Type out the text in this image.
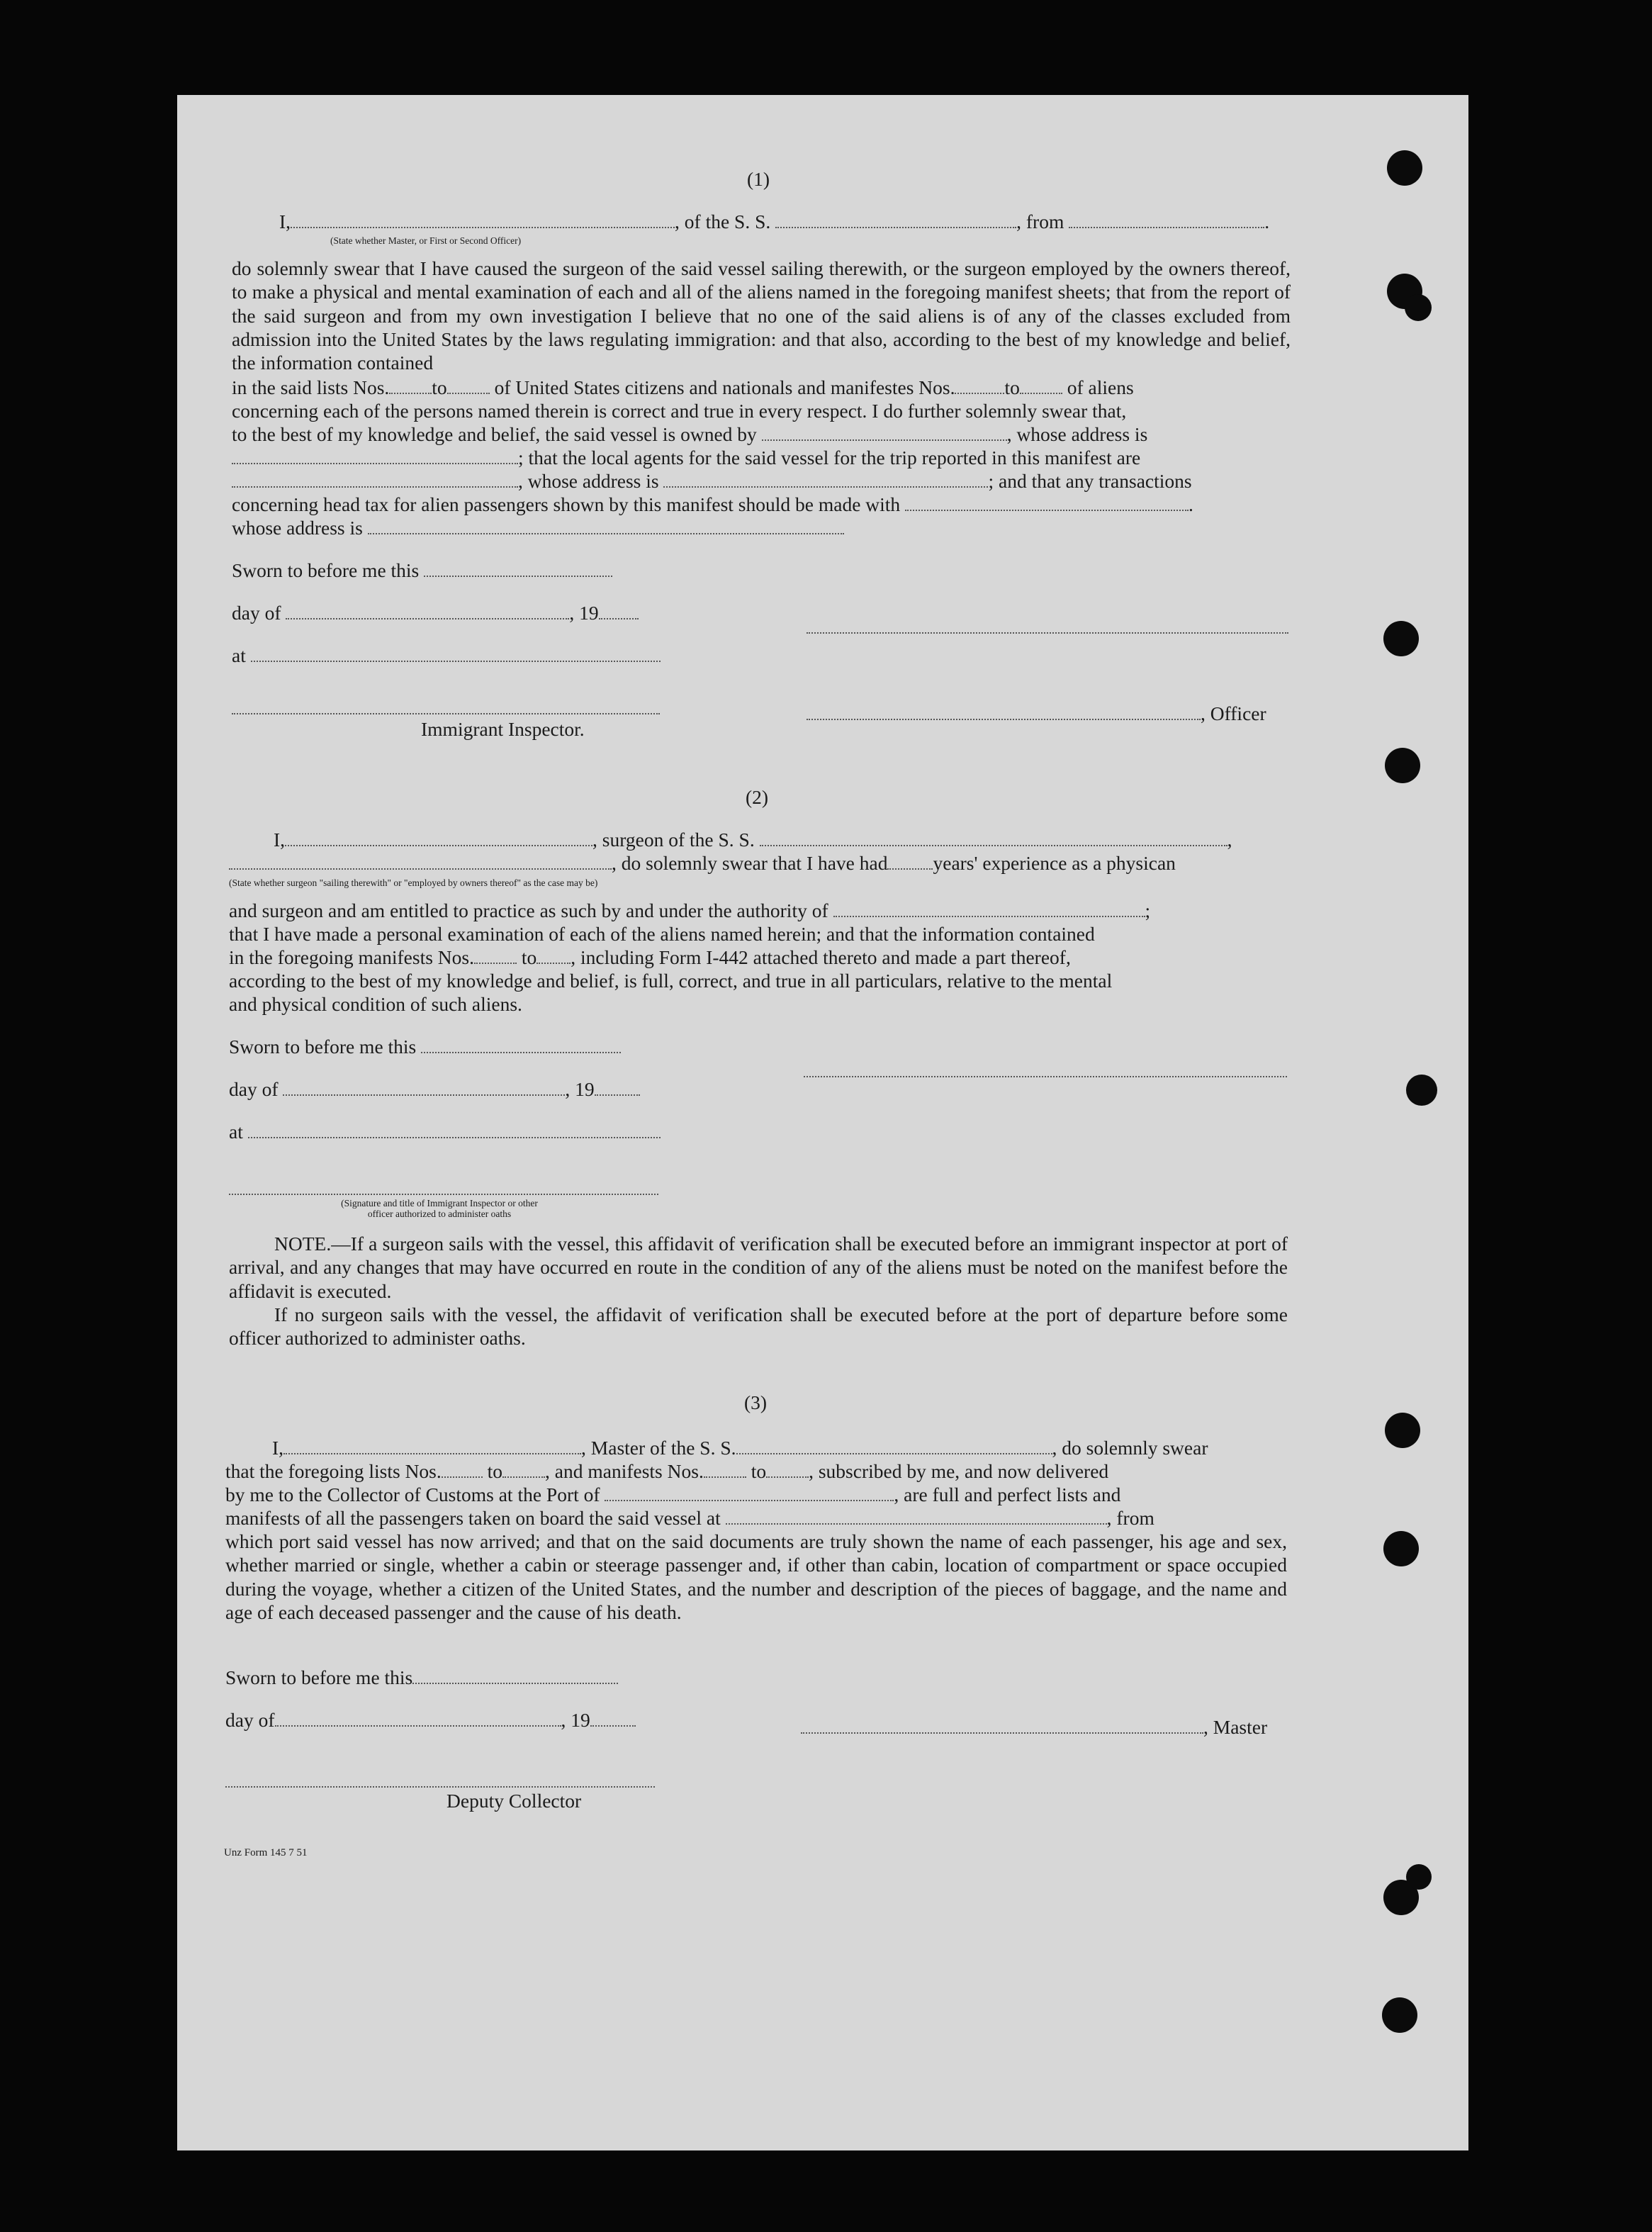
(1)
I,	, of the S. S.	, from	.
(State whether Master, or First or Second Officer)
do solemnly swear that I have caused the surgeon of the said vessel sailing therewith, or the surgeon employed by the owners thereof, to make a physical and mental examination of each and all of the aliens named in the foregoing manifest sheets; that from the report of the said surgeon and from my own investigation I believe that no one of the said aliens is of any of the classes excluded from admission into the United States by the laws regulating immigration: and that also, according to the best of my knowledge and belief, the information contained
in the said lists Nos. to of United States citizens and nationals and manifestes Nos.	to of aliens
concerning each of the persons named therein is correct and true in every respect. I do further solemnly swear that,
to the best of my knowledge and belief, the said vessel is owned by	, whose address is
; that the local agents for the said vessel for the trip reported in this manifest are
, whose address is	; and that any transactions
concerning head tax for alien passengers shown by this manifest should be made with	.
whose address is
Sworn to before me this
day of	, 19
at
, Officer
Immigrant Inspector.
(2)
I,	, surgeon of the S. S.	,
, do solemnly swear that I have had years' experience as a physican
(State whether surgeon "sailing therewith" or "employed by owners thereof" as the case may be)
and surgeon and am entitled to practice as such by and under the authority of	;
that I have made a personal examination of each of the aliens named herein; and that the information contained
in the foregoing manifests Nos. to , including Form I-442 attached thereto and made a part thereof,
according to the best of my knowledge and belief, is full, correct, and true in all particulars, relative to the mental
and physical condition of such aliens.
Sworn to before me this
day of	, 19
at
(Signature and title of Immigrant Inspector or other
officer authorized to administer oaths
NOTE.—If a surgeon sails with the vessel, this affidavit of verification shall be executed before an immigrant inspector at port of arrival, and any changes that may have occurred en route in the condition of any of the aliens must be noted on the manifest before the affidavit is executed.
If no surgeon sails with the vessel, the affidavit of verification shall be executed before at the port of departure before some officer authorized to administer oaths.
(3)
I,	, Master of the S. S.	, do solemnly swear
that the foregoing lists Nos. to , and manifests Nos. to , subscribed by me, and now delivered
by me to the Collector of Customs at the Port of	, are full and perfect lists and
manifests of all the passengers taken on board the said vessel at	, from
which port said vessel has now arrived; and that on the said documents are truly shown the name of each passenger, his age and sex, whether married or single, whether a cabin or steerage passenger and, if other than cabin, location of compartment or space occupied during the voyage, whether a citizen of the United States, and the number and description of the pieces of baggage, and the name and age of each deceased passenger and the cause of his death.
Sworn to before me this
day of	, 19	, Master
Deputy Collector
Unz Form 145 7 51
